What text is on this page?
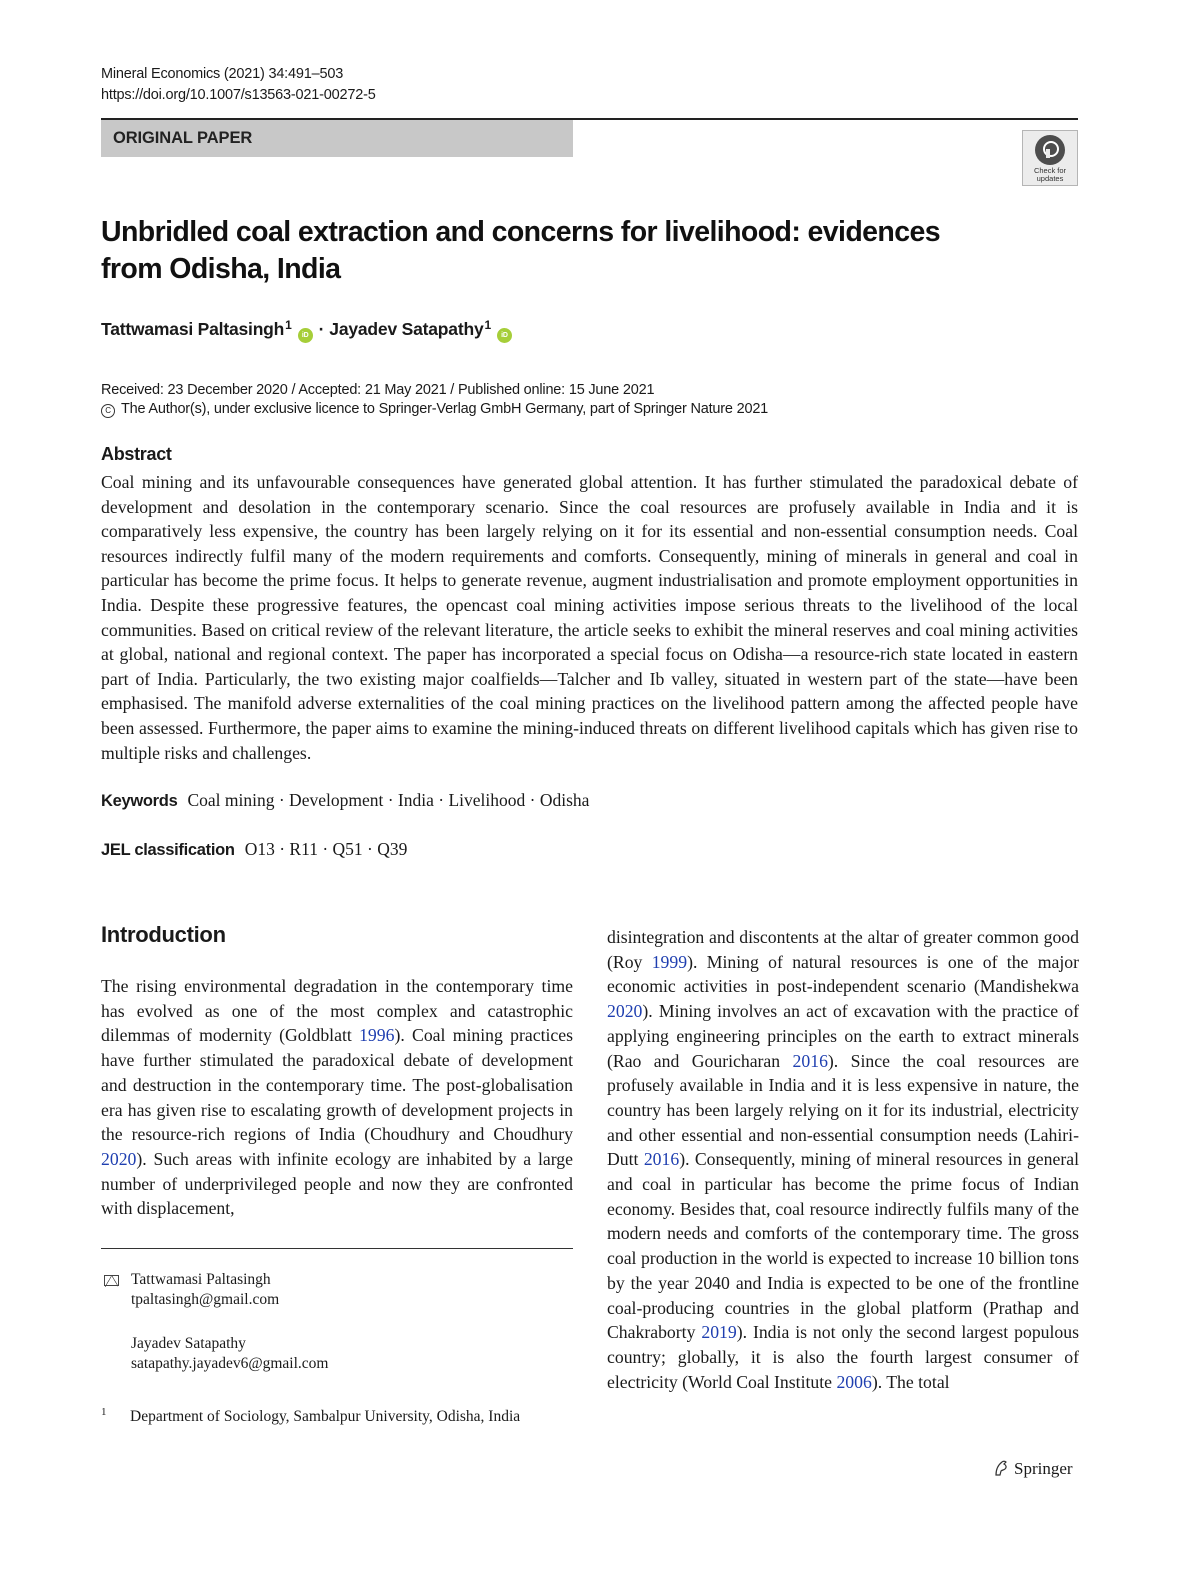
Mineral Economics (2021) 34:491–503
https://doi.org/10.1007/s13563-021-00272-5
ORIGINAL PAPER
Check for
updates
Unbridled coal extraction and concerns for livelihood: evidences
from Odisha, India
Tattwamasi Paltasingh$^1$iD · Jayadev Satapathy$^1$iD
Received: 23 December 2020 / Accepted: 21 May 2021 / Published online: 15 June 2021
C The Author(s), under exclusive licence to Springer-Verlag GmbH Germany, part of Springer Nature 2021
Abstract

Coal mining and its unfavourable consequences have generated global attention. It has further stimulated the paradoxical debate of development and desolation in the contemporary scenario. Since the coal resources are profusely available in India and it is comparatively less expensive, the country has been largely relying on it for its essential and non-essential consumption needs. Coal resources indirectly fulfil many of the modern requirements and comforts. Consequently, mining of minerals in general and coal in particular has become the prime focus. It helps to generate revenue, augment industrialisation and promote employment opportunities in India. Despite these progressive features, the opencast coal mining activities impose serious threats to the livelihood of the local communities. Based on critical review of the relevant literature, the article seeks to exhibit the mineral reserves and coal mining activities at global, national and regional context. The paper has incorporated a special focus on Odisha—a resource-rich state located in eastern part of India. Particularly, the two existing major coalfields—Talcher and Ib valley, situated in western part of the state—have been emphasised. The manifold adverse externalities of the coal mining practices on the livelihood pattern among the affected people have been assessed. Furthermore, the paper aims to examine the mining-induced threats on different livelihood capitals which has given rise to multiple risks and challenges.

Keywords Coal mining · Development · India · Livelihood · Odisha
JEL classification O13 · R11 · Q51 · Q39
Introduction

The rising environmental degradation in the contemporary time has evolved as one of the most complex and catastrophic dilemmas of modernity (Goldblatt 1996). Coal mining practices have further stimulated the paradoxical debate of development and destruction in the contemporary time. The post-globalisation era has given rise to escalating growth of development projects in the resource-rich regions of India (Choudhury and Choudhury 2020). Such areas with infinite ecology are inhabited by a large number of underprivileged people and now they are confronted with displacement,

disintegration and discontents at the altar of greater common good (Roy 1999). Mining of natural resources is one of the major economic activities in post-independent scenario (Mandishekwa 2020). Mining involves an act of excavation with the practice of applying engineering principles on the earth to extract minerals (Rao and Gouricharan 2016). Since the coal resources are profusely available in India and it is less expensive in nature, the country has been largely relying on it for its industrial, electricity and other essential and non-essential consumption needs (Lahiri-Dutt 2016). Consequently, mining of mineral resources in general and coal in particular has become the prime focus of Indian economy. Besides that, coal resource indirectly fulfils many of the modern needs and comforts of the contemporary time. The gross coal production in the world is expected to increase 10 billion tons by the year 2040 and India is expected to be one of the frontline coal-producing countries in the global platform (Prathap and Chakraborty 2019). India is not only the second largest populous country; globally, it is also the fourth largest consumer of electricity (World Coal Institute 2006). The total

Tattwamasi Paltasingh
tpaltasingh@gmail.com
Jayadev Satapathy
satapathy.jayadev6@gmail.com
1 Department of Sociology, Sambalpur University, Odisha, India
Springer
